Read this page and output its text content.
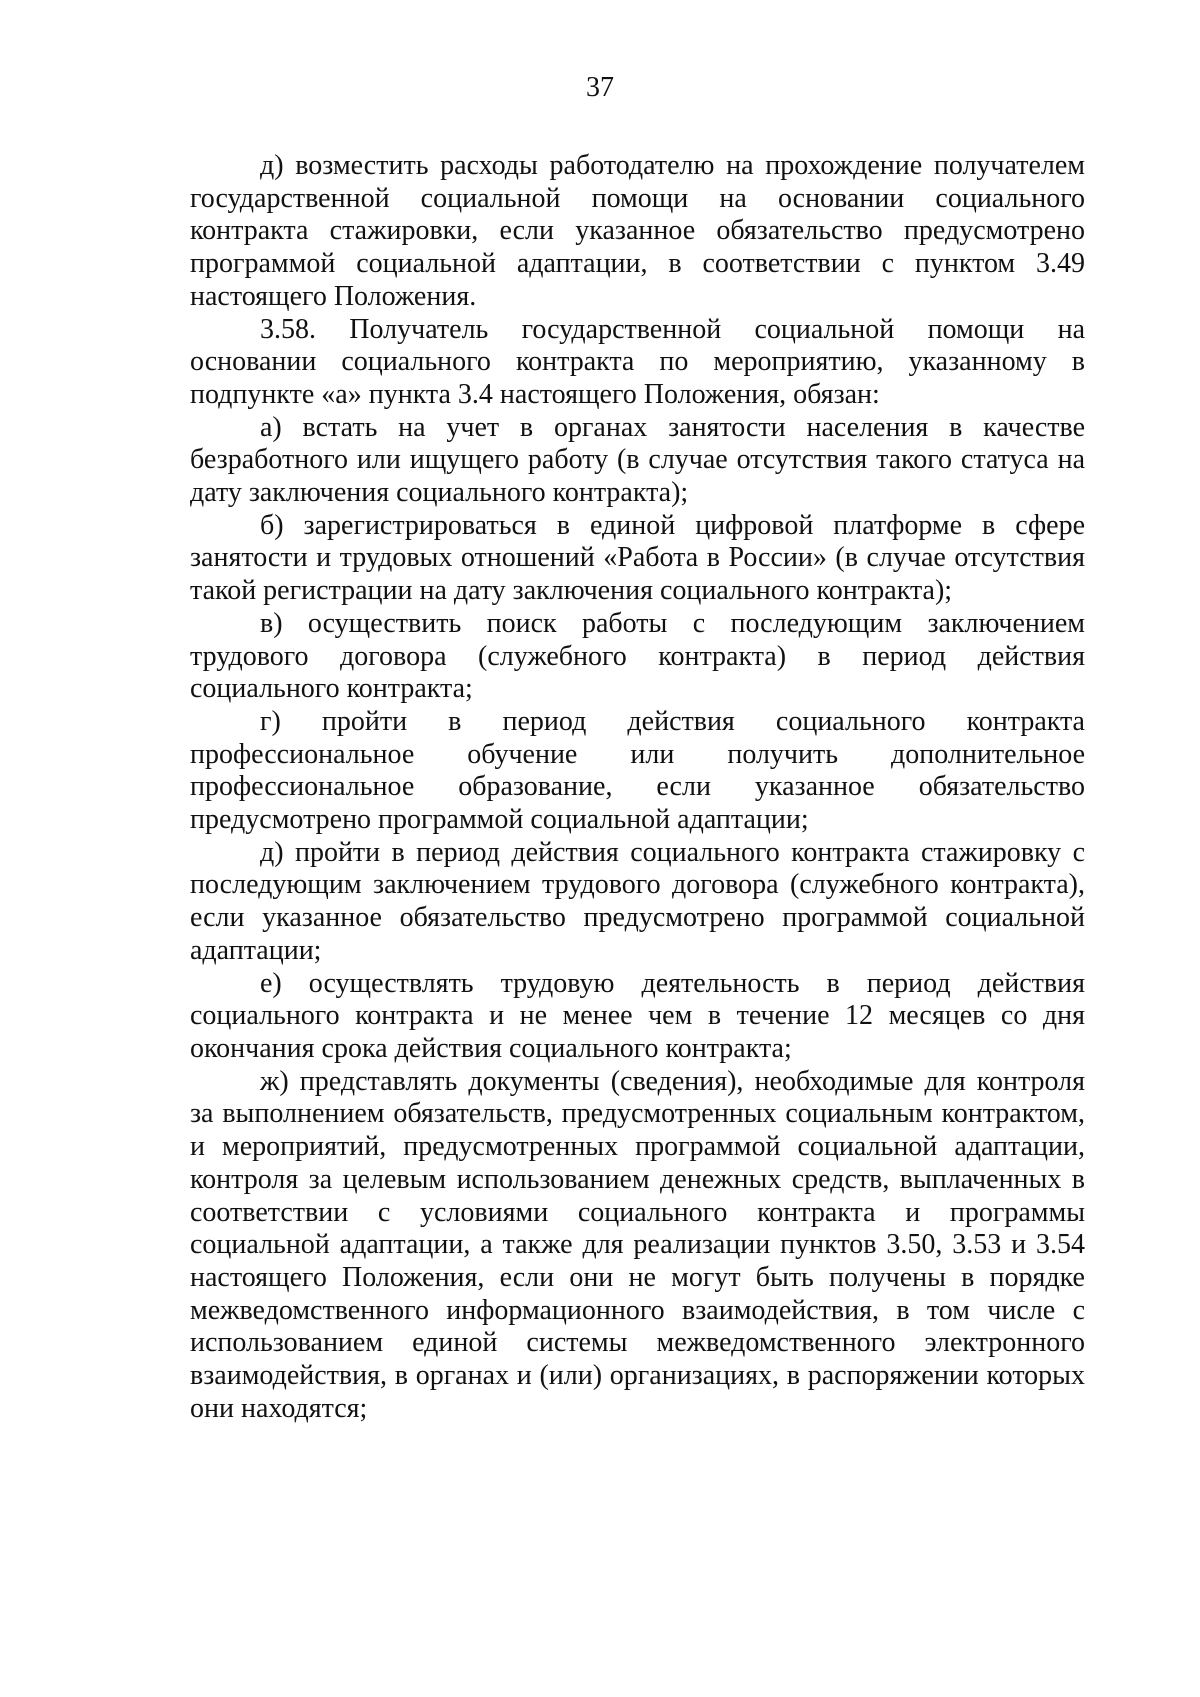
37

д) возместить расходы работодателю на прохождение получателем государственной социальной помощи на основании социального контракта стажировки, если указанное обязательство предусмотрено программой социальной адаптации, в соответствии с пунктом 3.49 настоящего Положения.

3.58. Получатель государственной социальной помощи на основании социального контракта по мероприятию, указанному в подпункте «а» пункта 3.4 настоящего Положения, обязан:

а) встать на учет в органах занятости населения в качестве безработного или ищущего работу (в случае отсутствия такого статуса на дату заключения социального контракта);

б) зарегистрироваться в единой цифровой платформе в сфере занятости и трудовых отношений «Работа в России» (в случае отсутствия такой регистрации на дату заключения социального контракта);

в) осуществить поиск работы с последующим заключением трудового договора (служебного контракта) в период действия социального контракта;

г) пройти в период действия социального контракта профессиональное обучение или получить дополнительное профессиональное образование, если указанное обязательство предусмотрено программой социальной адаптации;

д) пройти в период действия социального контракта стажировку с последующим заключением трудового договора (служебного контракта), если указанное обязательство предусмотрено программой социальной адаптации;

е) осуществлять трудовую деятельность в период действия социального контракта и не менее чем в течение 12 месяцев со дня окончания срока действия социального контракта;

ж) представлять документы (сведения), необходимые для контроля за выполнением обязательств, предусмотренных социальным контрактом, и мероприятий, предусмотренных программой социальной адаптации, контроля за целевым использованием денежных средств, выплаченных в соответствии с условиями социального контракта и программы социальной адаптации, а также для реализации пунктов 3.50, 3.53 и 3.54 настоящего Положения, если они не могут быть получены в порядке межведомственного информационного взаимодействия, в том числе с использованием единой системы межведомственного электронного взаимодействия, в органах и (или) организациях, в распоряжении которых они находятся;
